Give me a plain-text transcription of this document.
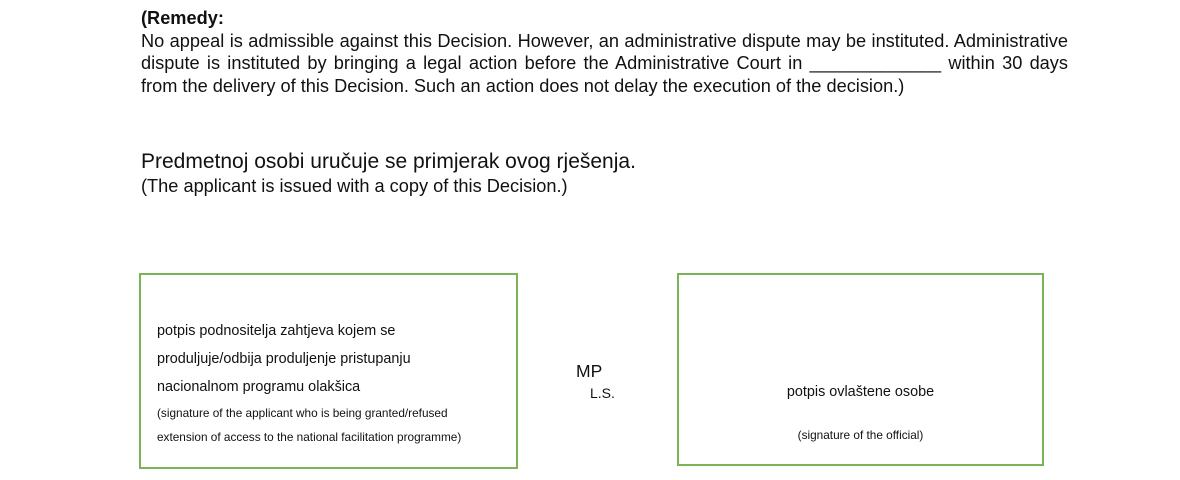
(Remedy:
No appeal is admissible against this Decision. However, an administrative dispute may be instituted. Administrative dispute is instituted by bringing a legal action before the Administrative Court in _____________ within 30 days from the delivery of this Decision. Such an action does not delay the execution of the decision.)
Predmetnoj osobi uručuje se primjerak ovog rješenja.
(The applicant is issued with a copy of this Decision.)
potpis podnositelja zahtjeva kojem se
produljuje/odbija produljenje pristupanju
nacionalnom programu olakšica
(signature of the applicant who is being granted/refused
extension of access to the national facilitation programme)
MP
L.S.	potpis ovlaštene osobe
(signature of the official)
